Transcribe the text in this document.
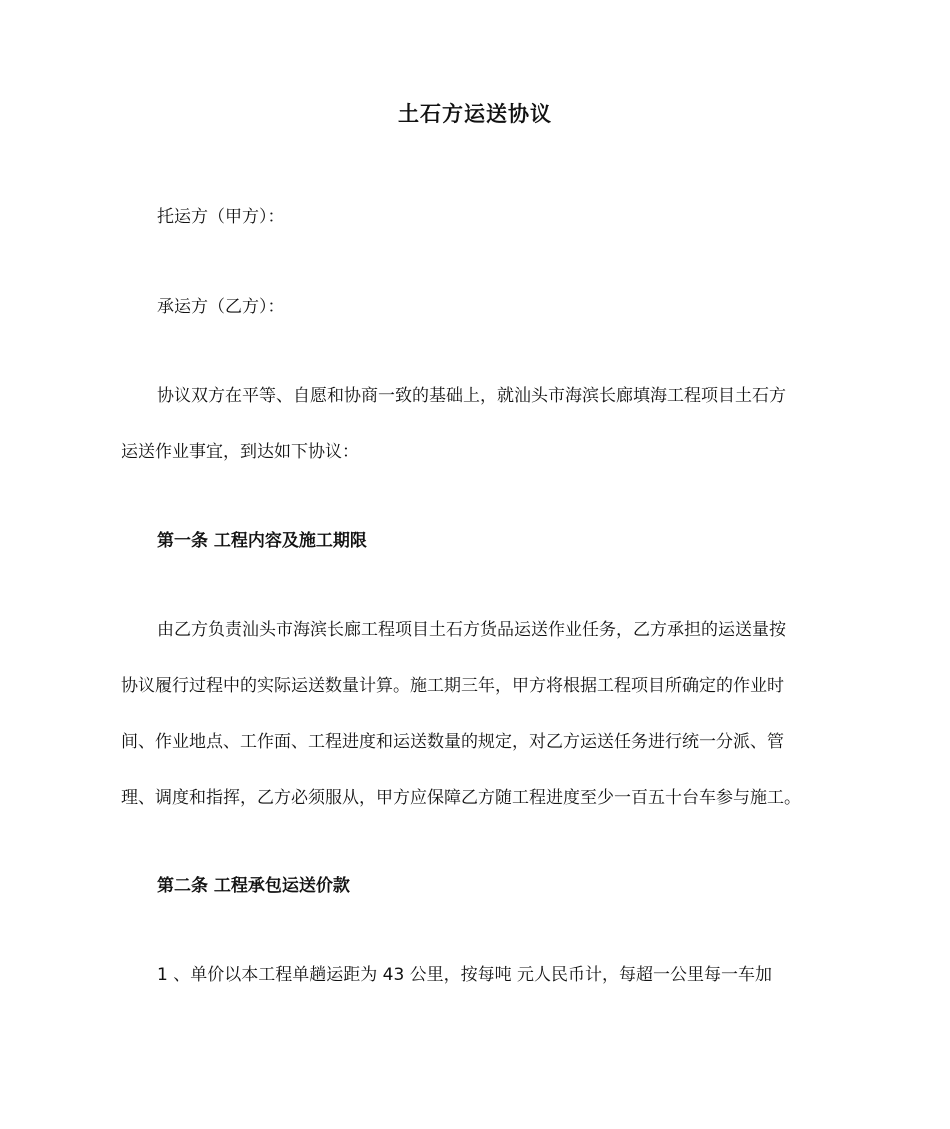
土石方运送协议
托运方（甲方）：
承运方（乙方）：
协议双方在平等、自愿和协商一致的基础上，就汕头市海滨长廊填海工程项目土石方
运送作业事宜，到达如下协议：
第一条 工程内容及施工期限
由乙方负责汕头市海滨长廊工程项目土石方货品运送作业任务，乙方承担的运送量按
协议履行过程中的实际运送数量计算。施工期三年，甲方将根据工程项目所确定的作业时
间、作业地点、工作面、工程进度和运送数量的规定，对乙方运送任务进行统一分派、管
理、调度和指挥，乙方必须服从，甲方应保障乙方随工程进度至少一百五十台车参与施工。
第二条 工程承包运送价款
1 、单价以本工程单趟运距为 43 公里，按每吨 元人民币计，每超一公里每一车加
